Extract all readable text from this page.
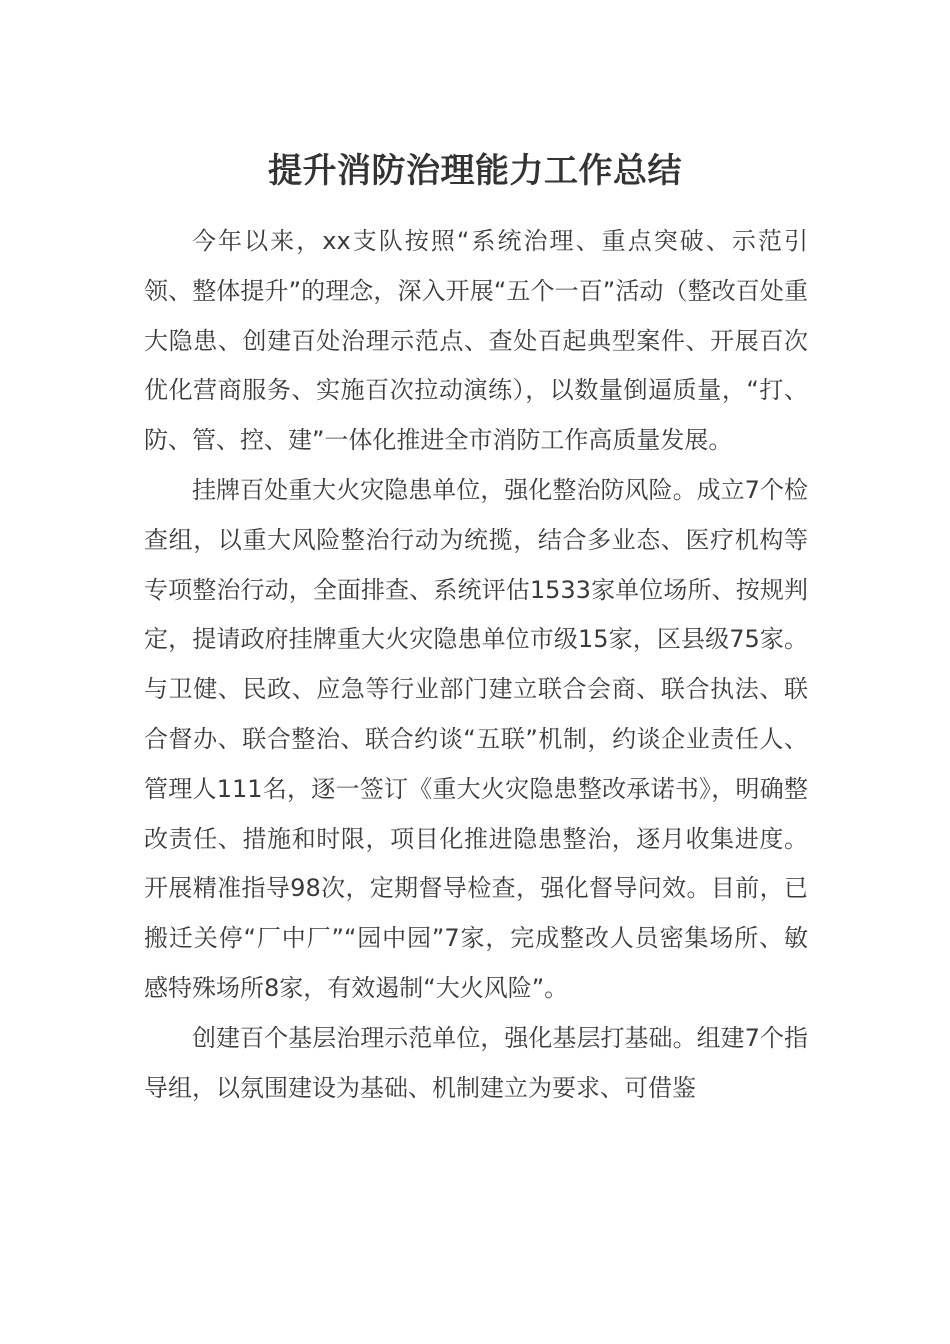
提升消防治理能力工作总结

今年以来，xx支队按照“系统治理、重点突破、示范引领、整体提升”的理念，深入开展“五个一百”活动（整改百处重大隐患、创建百处治理示范点、查处百起典型案件、开展百次优化营商服务、实施百次拉动演练），以数量倒逼质量，“打、防、管、控、建”一体化推进全市消防工作高质量发展。

挂牌百处重大火灾隐患单位，强化整治防风险。成立7个检查组，以重大风险整治行动为统揽，结合多业态、医疗机构等专项整治行动，全面排查、系统评估1533家单位场所、按规判定，提请政府挂牌重大火灾隐患单位市级15家，区县级75家。与卫健、民政、应急等行业部门建立联合会商、联合执法、联合督办、联合整治、联合约谈“五联”机制，约谈企业责任人、管理人111名，逐一签订《重大火灾隐患整改承诺书》，明确整改责任、措施和时限，项目化推进隐患整治，逐月收集进度。开展精准指导98次，定期督导检查，强化督导问效。目前，已搬迁关停“厂中厂”“园中园”7家，完成整改人员密集场所、敏感特殊场所8家，有效遏制“大火风险”。

创建百个基层治理示范单位，强化基层打基础。组建7个指导组，以氛围建设为基础、机制建立为要求、可借鉴
